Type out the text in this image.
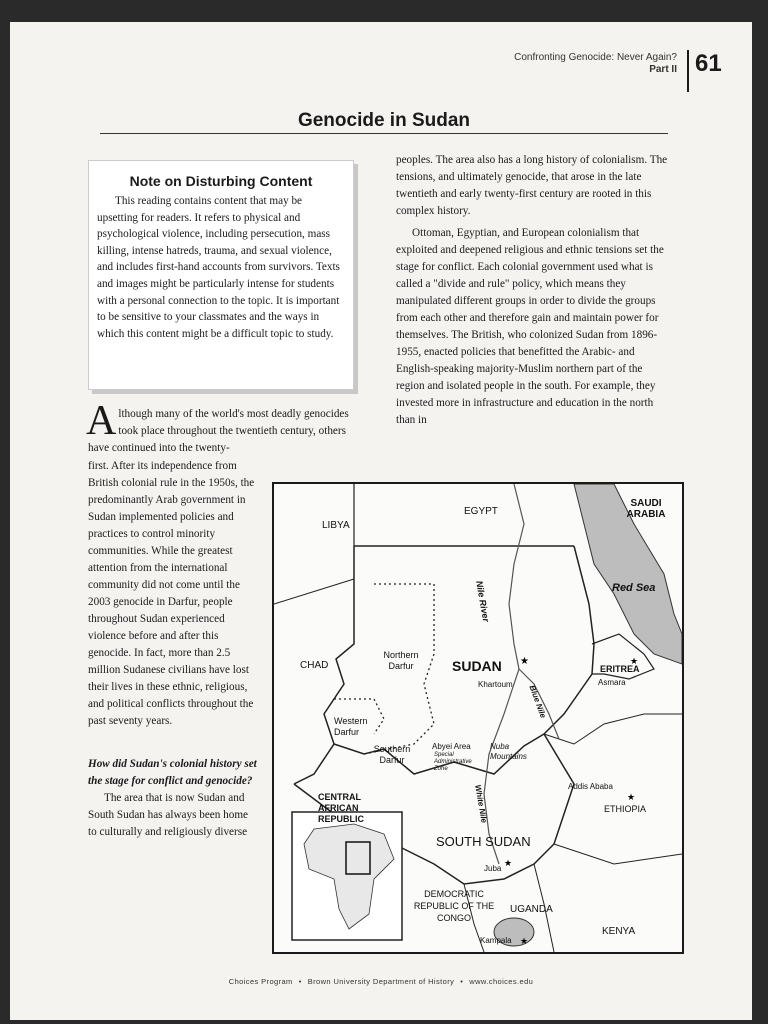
Confronting Genocide: Never Again?
Part II 61
Genocide in Sudan
Note on Disturbing Content

This reading contains content that may be upsetting for readers. It refers to physical and psychological violence, including persecution, mass killing, intense hatreds, trauma, and sexual violence, and includes first-hand accounts from survivors. Texts and images might be particularly intense for students with a personal connection to the topic. It is important to be sensitive to your classmates and the ways in which this content might be a difficult topic to study.

peoples. The area also has a long history of colonialism. The tensions, and ultimately genocide, that arose in the late twentieth and early twenty-first century are rooted in this complex history.

Ottoman, Egyptian, and European colonialism that exploited and deepened religious and ethnic tensions set the stage for conflict. Each colonial government used what is called a "divide and rule" policy, which means they manipulated different groups in order to divide the groups from each other and therefore gain and maintain power for themselves. The British, who colonized Sudan from 1896-1955, enacted policies that benefitted the Arabic- and English-speaking majority-Muslim northern part of the region and isolated people in the south. For example, they invested more in infrastructure and education in the north than in

Although many of the world's most deadly genocides took place throughout the twentieth century, others have continued into the twenty-

first. After its independence from British colonial rule in the 1950s, the predominantly Arab government in Sudan implemented policies and practices to control minority communities. While the greatest attention from the international community did not come until the 2003 genocide in Darfur, people throughout Sudan experienced violence before and after this genocide. In fact, more than 2.5 million Sudanese civilians have lost their lives in these ethnic, religious, and political conflicts throughout the past seventy years.

How did Sudan's colonial history set the stage for conflict and genocide?

The area that is now Sudan and South Sudan has always been home to culturally and religiously diverse

★	★
★
★
★
EGYPT
LIBYA
SAUDI ARABIA
Red Sea
Nile River
CHAD
Northern Darfur	SUDAN
Khartoum
ERITREA
Asmara
Blue Nile
Western Darfur
Southern Darfur
Abyei Area
Special Administrative Zone
Nuba Mountains
Addis Ababa
ETHIOPIA
CENTRAL AFRICAN REPUBLIC	White Nile
SOUTH SUDAN
Juba
DEMOCRATIC REPUBLIC OF THE CONGO
UGANDA
KENYA
Kampala
Choices Program • Brown University Department of History • www.choices.edu
